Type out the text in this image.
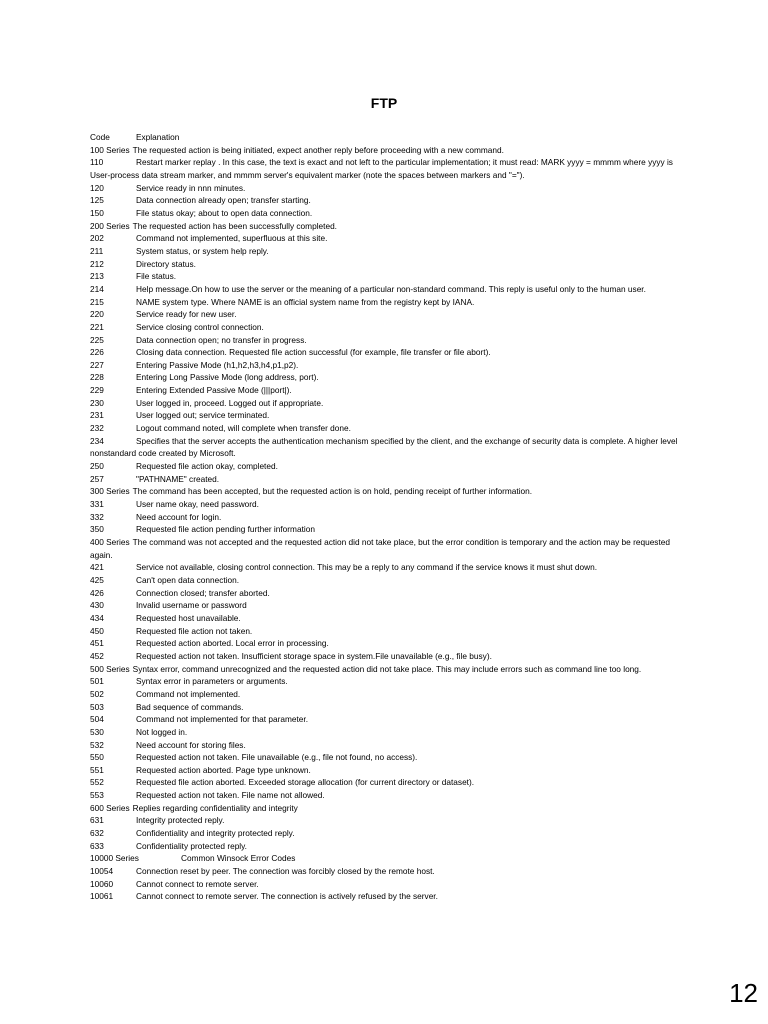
FTP
Code	Explanation
100 Series The requested action is being initiated, expect another reply before proceeding with a new command.
110	Restart marker replay . In this case, the text is exact and not left to the particular implementation; it must read: MARK yyyy = mmmm where yyyy is User-process data stream marker, and mmmm server's equivalent marker (note the spaces between markers and "=").
120	Service ready in nnn minutes.
125	Data connection already open; transfer starting.
150	File status okay; about to open data connection.
200 Series The requested action has been successfully completed.
202	Command not implemented, superfluous at this site.
211	System status, or system help reply.
212	Directory status.
213	File status.
214	Help message.On how to use the server or the meaning of a particular non-standard command. This reply is useful only to the human user.
215	NAME system type. Where NAME is an official system name from the registry kept by IANA.
220	Service ready for new user.
221	Service closing control connection.
225	Data connection open; no transfer in progress.
226	Closing data connection. Requested file action successful (for example, file transfer or file abort).
227	Entering Passive Mode (h1,h2,h3,h4,p1,p2).
228	Entering Long Passive Mode (long address, port).
229	Entering Extended Passive Mode (|||port|).
230	User logged in, proceed. Logged out if appropriate.
231	User logged out; service terminated.
232	Logout command noted, will complete when transfer done.
234	Specifies that the server accepts the authentication mechanism specified by the client, and the exchange of security data is complete. A higher level nonstandard code created by Microsoft.
250	Requested file action okay, completed.
257	"PATHNAME" created.
300 Series The command has been accepted, but the requested action is on hold, pending receipt of further information.
331	User name okay, need password.
332	Need account for login.
350	Requested file action pending further information
400 Series The command was not accepted and the requested action did not take place, but the error condition is temporary and the action may be requested again.
421	Service not available, closing control connection. This may be a reply to any command if the service knows it must shut down.
425	Can't open data connection.
426	Connection closed; transfer aborted.
430	Invalid username or password
434	Requested host unavailable.
450	Requested file action not taken.
451	Requested action aborted. Local error in processing.
452	Requested action not taken. Insufficient storage space in system.File unavailable (e.g., file busy).
500 Series Syntax error, command unrecognized and the requested action did not take place. This may include errors such as command line too long.
501	Syntax error in parameters or arguments.
502	Command not implemented.
503	Bad sequence of commands.
504	Command not implemented for that parameter.
530	Not logged in.
532	Need account for storing files.
550	Requested action not taken. File unavailable (e.g., file not found, no access).
551	Requested action aborted. Page type unknown.
552	Requested file action aborted. Exceeded storage allocation (for current directory or dataset).
553	Requested action not taken. File name not allowed.
600 Series Replies regarding confidentiality and integrity
631	Integrity protected reply.
632	Confidentiality and integrity protected reply.
633	Confidentiality protected reply.
10000 Series	Common Winsock Error Codes
10054	Connection reset by peer. The connection was forcibly closed by the remote host.
10060	Cannot connect to remote server.
10061	Cannot connect to remote server. The connection is actively refused by the server.
12
